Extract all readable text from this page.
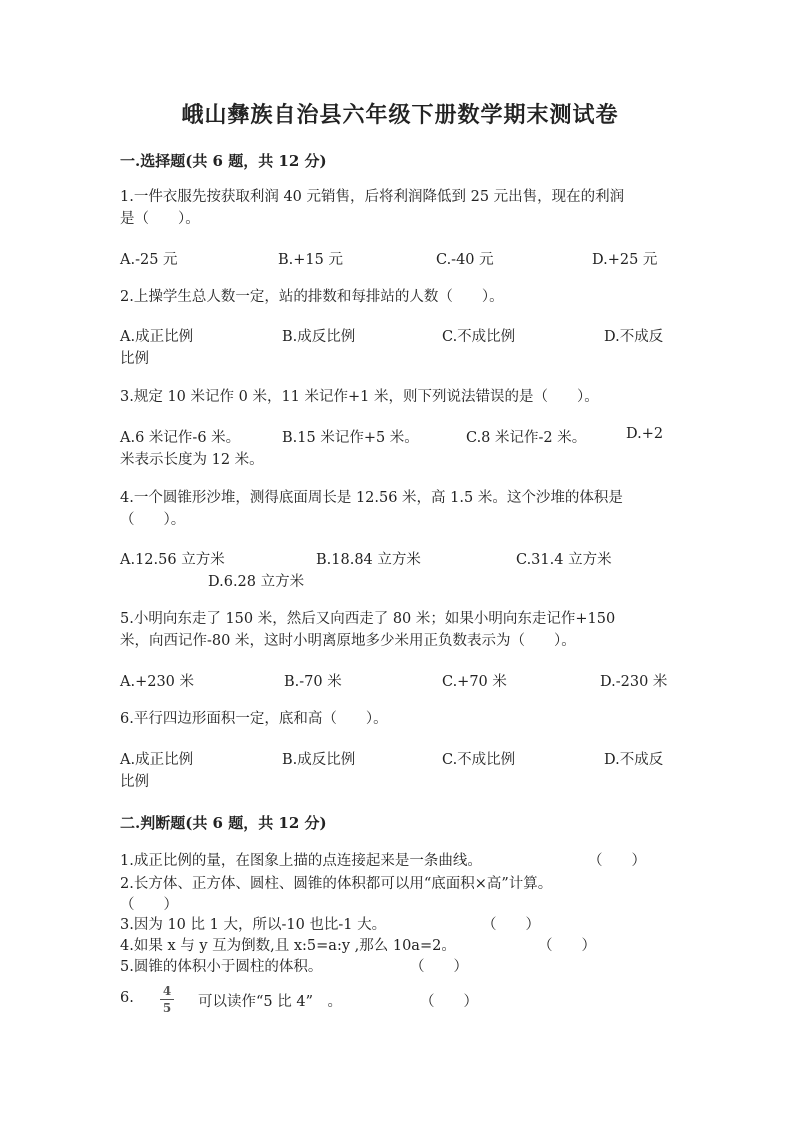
峨山彝族自治县六年级下册数学期末测试卷
一.选择题(共 6 题，共 12 分)
1.一件衣服先按获取利润 40 元销售，后将利润降低到 25 元出售，现在的利润
是（　　）。
A.-25 元	B.+15 元	C.-40 元	D.+25 元
2.上操学生总人数一定，站的排数和每排站的人数（　　）。
A.成正比例	B.成反比例	C.不成比例	D.不成反
比例
3.规定 10 米记作 0 米，11 米记作+1 米，则下列说法错误的是（　　）。
A.6 米记作-6 米。	B.15 米记作+5 米。	C.8 米记作-2 米。	D.+2
米表示长度为 12 米。
4.一个圆锥形沙堆，测得底面周长是 12.56 米，高 1.5 米。这个沙堆的体积是
（　　）。
A.12.56 立方米	B.18.84 立方米	C.31.4 立方米
D.6.28 立方米
5.小明向东走了 150 米，然后又向西走了 80 米；如果小明向东走记作+150
米，向西记作-80 米，这时小明离原地多少米用正负数表示为（　　）。
A.+230 米	B.-70 米	C.+70 米	D.-230 米
6.平行四边形面积一定，底和高（　　）。
A.成正比例	B.成反比例	C.不成比例	D.不成反
比例
二.判断题(共 6 题，共 12 分)
1.成正比例的量，在图象上描的点连接起来是一条曲线。	（　　）
2.长方体、正方体、圆柱、圆锥的体积都可以用“底面积×高”计算。
（　　）
3.因为 10 比 1 大，所以-10 也比-1 大。	（　　）
4.如果 x 与 y 互为倒数,且 x:5=a:y ,那么 10a=2。	（　　）
5.圆锥的体积小于圆柱的体积。	（　　）
6. 4
5 可以读作“5 比 4”　。	（　　）
